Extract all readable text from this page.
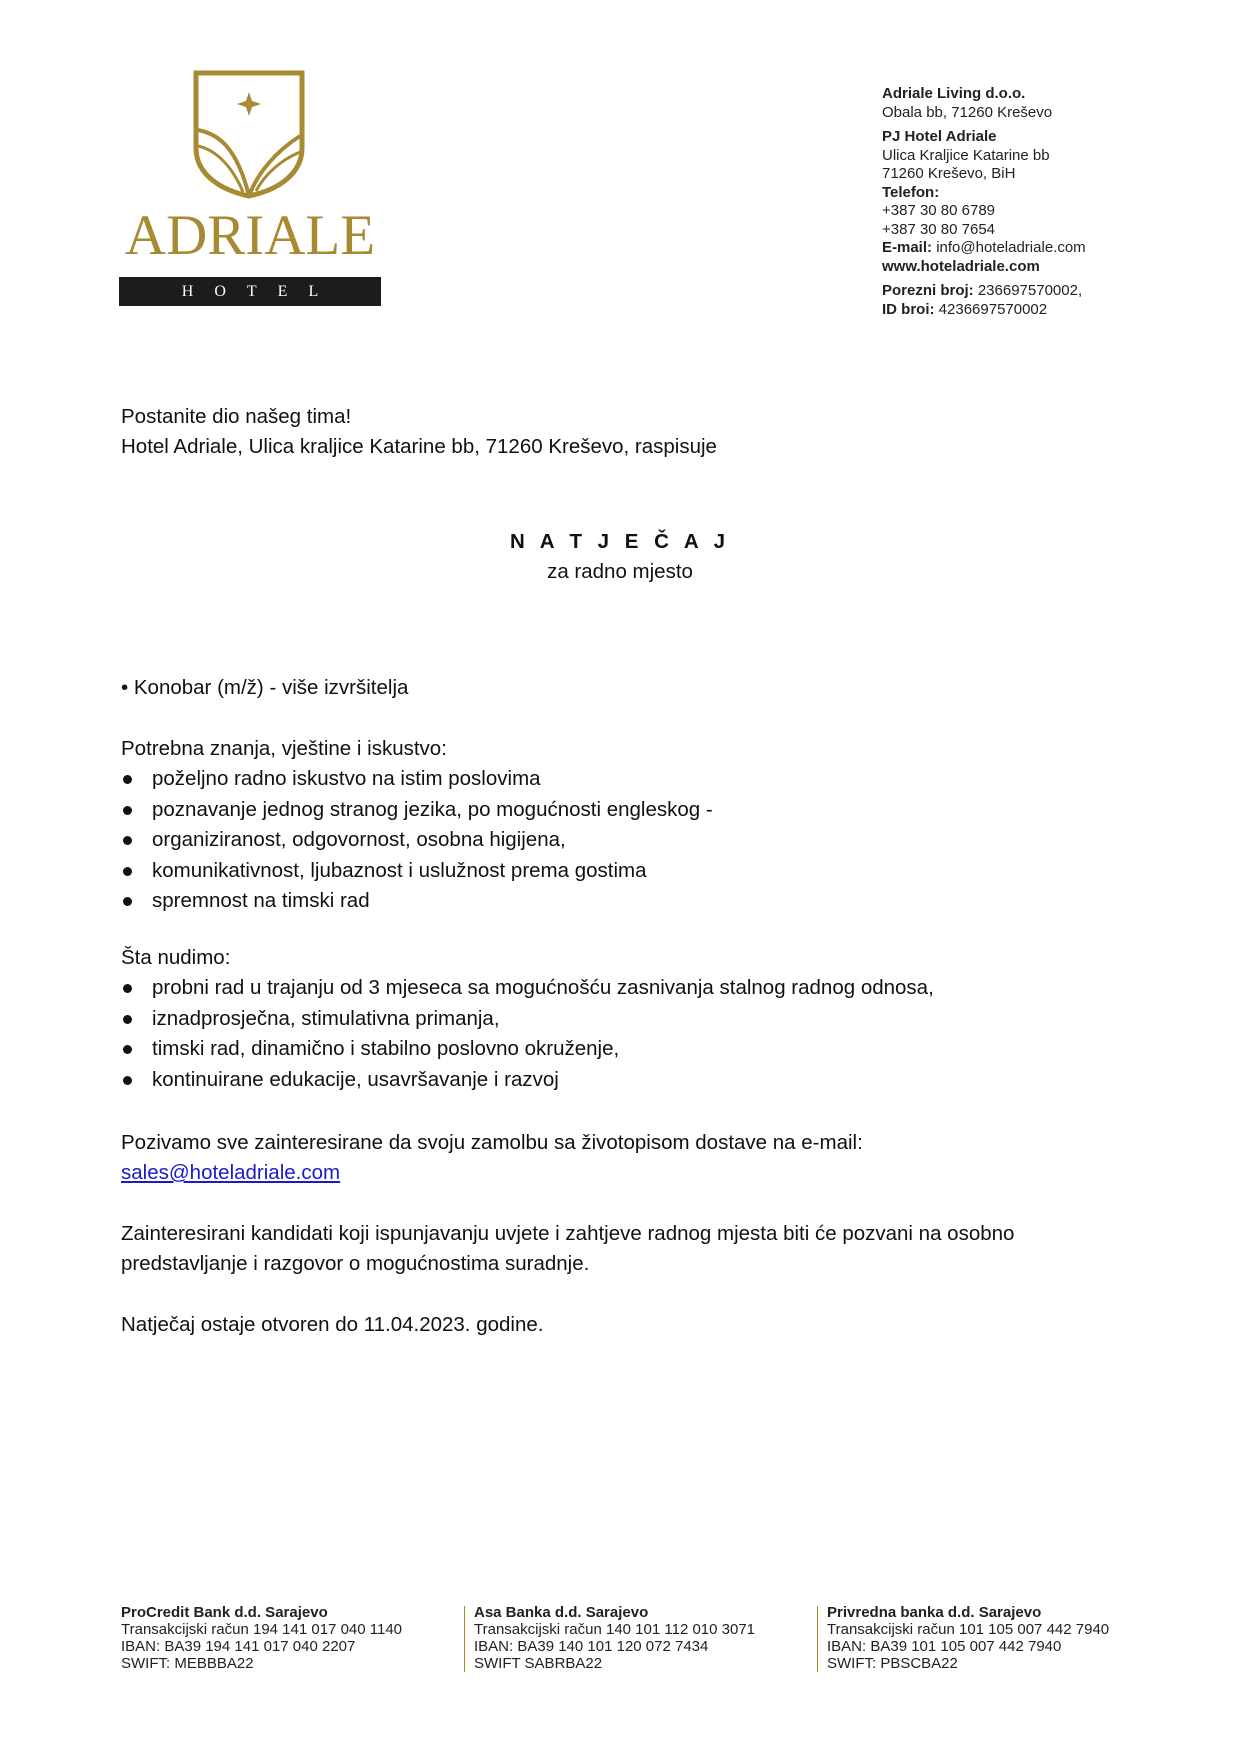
ADRIALE
HOTEL
Adriale Living d.o.o.
Obala bb, 71260 Kreševo
PJ Hotel Adriale
Ulica Kraljice Katarine bb
71260 Kreševo, BiH
Telefon:
+387 30 80 6789
+387 30 80 7654
E-mail: info@hoteladriale.com
www.hoteladriale.com
Porezni broj: 236697570002,
ID broi: 4236697570002
Postanite dio našeg tima!
Hotel Adriale, Ulica kraljice Katarine bb, 71260 Kreševo, raspisuje
N A T J E Č A J
za radno mjesto
• Konobar (m/ž) - više izvršitelja
Potrebna znanja, vještine i iskustvo:
poželjno radno iskustvo na istim poslovima
poznavanje jednog stranog jezika, po mogućnosti engleskog -
organiziranost, odgovornost, osobna higijena,
komunikativnost, ljubaznost i uslužnost prema gostima
spremnost na timski rad
Šta nudimo:
probni rad u trajanju od 3 mjeseca sa mogućnošću zasnivanja stalnog radnog odnosa,
iznadprosječna, stimulativna primanja,
timski rad, dinamično i stabilno poslovno okruženje,
kontinuirane edukacije, usavršavanje i razvoj
Pozivamo sve zainteresirane da svoju zamolbu sa životopisom dostave na e-mail:
sales@hoteladriale.com
Zainteresirani kandidati koji ispunjavanju uvjete i zahtjeve radnog mjesta biti će pozvani na osobno
predstavljanje i razgovor o mogućnostima suradnje.
Natječaj ostaje otvoren do 11.04.2023. godine.
ProCredit Bank d.d. Sarajevo
Transakcijski račun 194 141 017 040 1140
IBAN: BA39 194 141 017 040 2207
SWIFT: MEBBBA22
Asa Banka d.d. Sarajevo
Transakcijski račun 140 101 112 010 3071
IBAN: BA39 140 101 120 072 7434
SWIFT SABRBA22
Privredna banka d.d. Sarajevo
Transakcijski račun 101 105 007 442 7940
IBAN: BA39 101 105 007 442 7940
SWIFT: PBSCBA22
